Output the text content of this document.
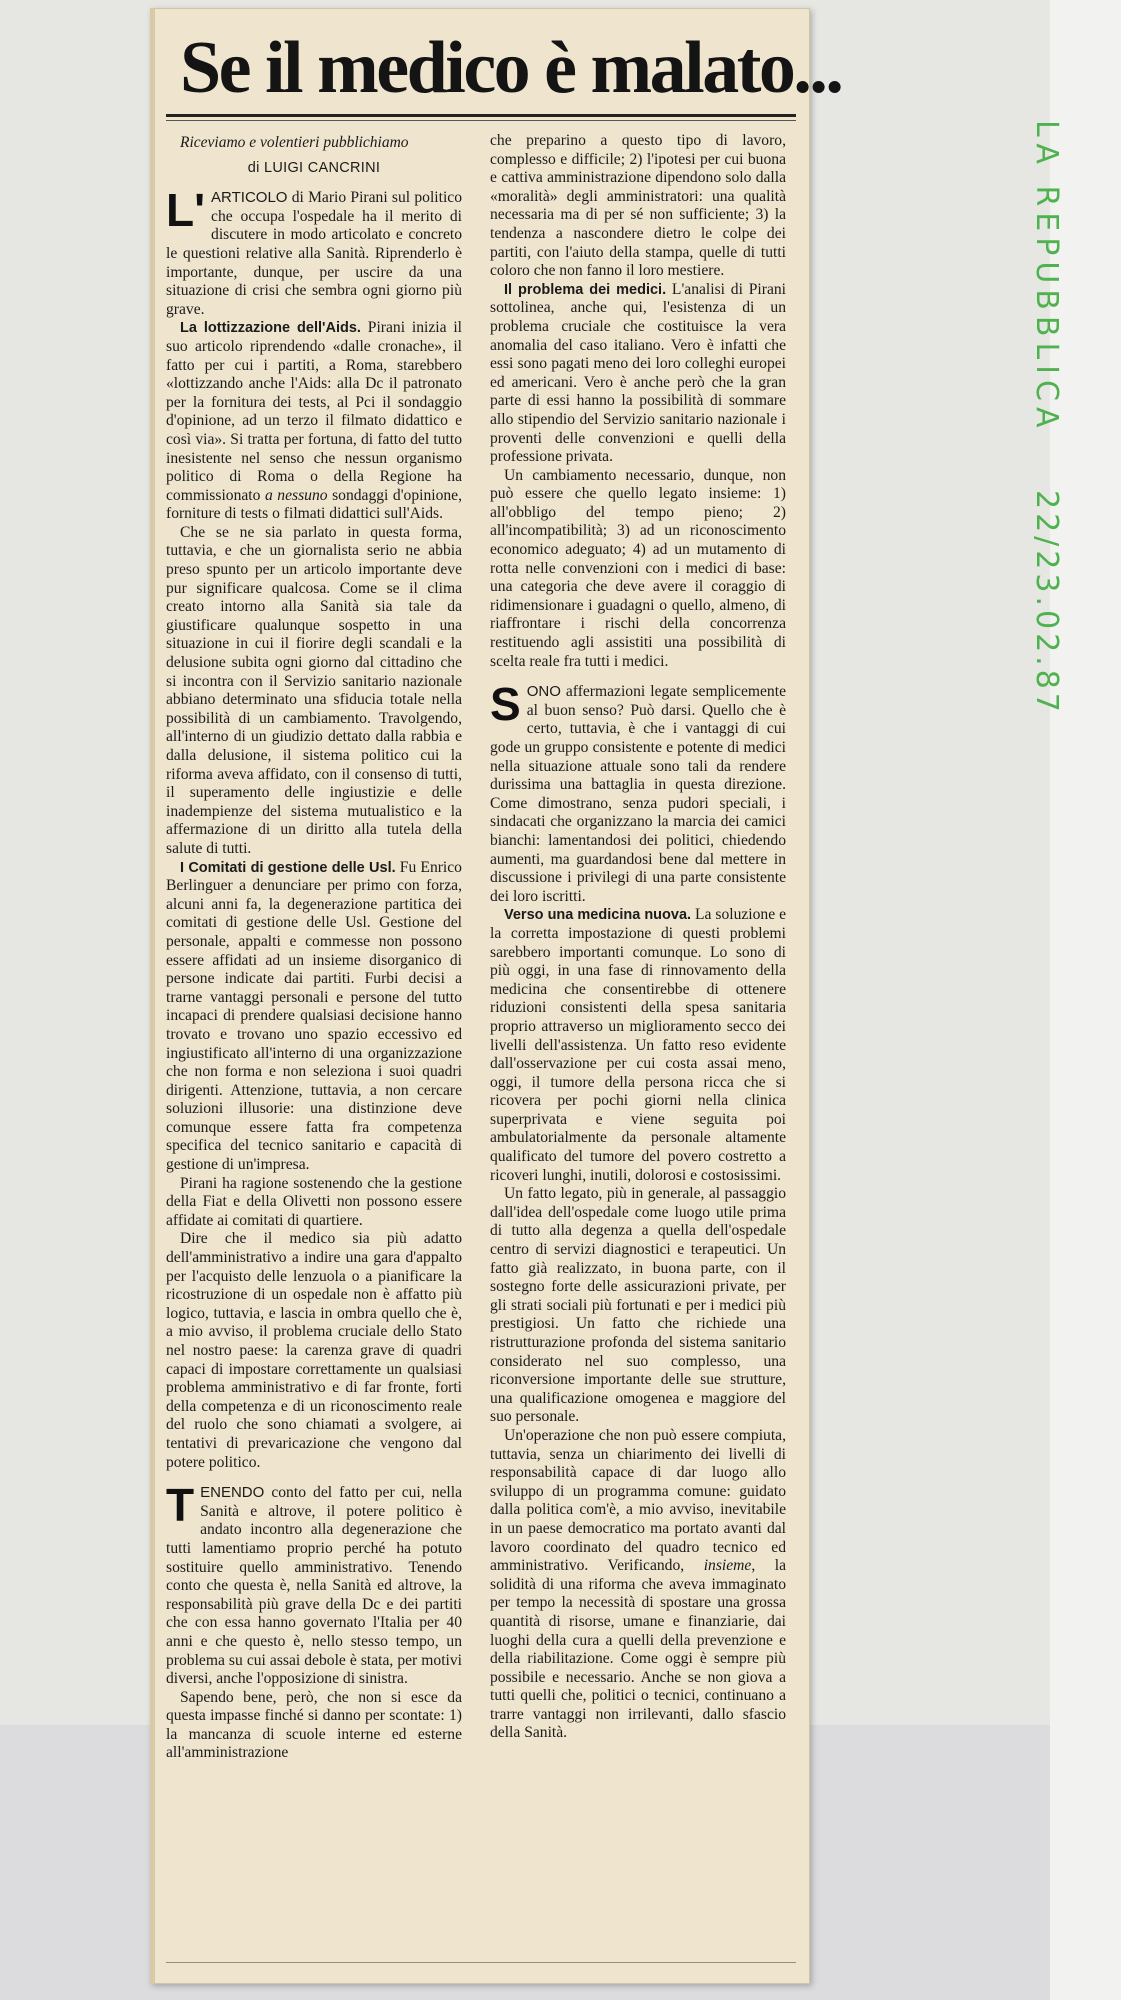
Se il medico è malato...

Riceviamo e volentieri pubblichiamo

di LUIGI CANCRINI

L' ARTICOLO di Mario Pirani sul politico che occupa l'ospedale ha il merito di discutere in modo articolato e concreto le questioni relative alla Sanità. Riprenderlo è importante, dunque, per uscire da una situazione di crisi che sembra ogni giorno più grave.

La lottizzazione dell'Aids. Pirani inizia il suo articolo riprendendo «dalle cronache», il fatto per cui i partiti, a Roma, starebbero «lottizzando anche l'Aids: alla Dc il patronato per la fornitura dei tests, al Pci il sondaggio d'opinione, ad un terzo il filmato didattico e così via». Si tratta per fortuna, di fatto del tutto inesistente nel senso che nessun organismo politico di Roma o della Regione ha commissionato a nessuno sondaggi d'opinione, forniture di tests o filmati didattici sull'Aids.

Che se ne sia parlato in questa forma, tuttavia, e che un giornalista serio ne abbia preso spunto per un articolo importante deve pur significare qualcosa. Come se il clima creato intorno alla Sanità sia tale da giustificare qualunque sospetto in una situazione in cui il fiorire degli scandali e la delusione subita ogni giorno dal cittadino che si incontra con il Servizio sanitario nazionale abbiano determinato una sfiducia totale nella possibilità di un cambiamento. Travolgendo, all'interno di un giudizio dettato dalla rabbia e dalla delusione, il sistema politico cui la riforma aveva affidato, con il consenso di tutti, il superamento delle ingiustizie e delle inadempienze del sistema mutualistico e la affermazione di un diritto alla tutela della salute di tutti.

I Comitati di gestione delle Usl. Fu Enrico Berlinguer a denunciare per primo con forza, alcuni anni fa, la degenerazione partitica dei comitati di gestione delle Usl. Gestione del personale, appalti e commesse non possono essere affidati ad un insieme disorganico di persone indicate dai partiti. Furbi decisi a trarne vantaggi personali e persone del tutto incapaci di prendere qualsiasi decisione hanno trovato e trovano uno spazio eccessivo ed ingiustificato all'interno di una organizzazione che non forma e non seleziona i suoi quadri dirigenti. Attenzione, tuttavia, a non cercare soluzioni illusorie: una distinzione deve comunque essere fatta fra competenza specifica del tecnico sanitario e capacità di gestione di un'impresa.

Pirani ha ragione sostenendo che la gestione della Fiat e della Olivetti non possono essere affidate ai comitati di quartiere.

Dire che il medico sia più adatto dell'amministrativo a indire una gara d'appalto per l'acquisto delle lenzuola o a pianificare la ricostruzione di un ospedale non è affatto più logico, tuttavia, e lascia in ombra quello che è, a mio avviso, il problema cruciale dello Stato nel nostro paese: la carenza grave di quadri capaci di impostare correttamente un qualsiasi problema amministrativo e di far fronte, forti della competenza e di un riconoscimento reale del ruolo che sono chiamati a svolgere, ai tentativi di prevaricazione che vengono dal potere politico.

TENENDO conto del fatto per cui, nella Sanità e altrove, il potere politico è andato incontro alla degenerazione che tutti lamentiamo proprio perché ha potuto sostituire quello amministrativo. Tenendo conto che questa è, nella Sanità ed altrove, la responsabilità più grave della Dc e dei partiti che con essa hanno governato l'Italia per 40 anni e che questo è, nello stesso tempo, un problema su cui assai debole è stata, per motivi diversi, anche l'opposizione di sinistra.

Sapendo bene, però, che non si esce da questa impasse finché si danno per scontate: 1) la mancanza di scuole interne ed esterne all'amministrazione

che preparino a questo tipo di lavoro, complesso e difficile; 2) l'ipotesi per cui buona e cattiva amministrazione dipendono solo dalla «moralità» degli amministratori: una qualità necessaria ma di per sé non sufficiente; 3) la tendenza a nascondere dietro le colpe dei partiti, con l'aiuto della stampa, quelle di tutti coloro che non fanno il loro mestiere.

Il problema dei medici. L'analisi di Pirani sottolinea, anche qui, l'esistenza di un problema cruciale che costituisce la vera anomalia del caso italiano. Vero è infatti che essi sono pagati meno dei loro colleghi europei ed americani. Vero è anche però che la gran parte di essi hanno la possibilità di sommare allo stipendio del Servizio sanitario nazionale i proventi delle convenzioni e quelli della professione privata.

Un cambiamento necessario, dunque, non può essere che quello legato insieme: 1) all'obbligo del tempo pieno; 2) all'incompatibilità; 3) ad un riconoscimento economico adeguato; 4) ad un mutamento di rotta nelle convenzioni con i medici di base: una categoria che deve avere il coraggio di ridimensionare i guadagni o quello, almeno, di riaffrontare i rischi della concorrenza restituendo agli assistiti una possibilità di scelta reale fra tutti i medici.

SONO affermazioni legate semplicemente al buon senso? Può darsi. Quello che è certo, tuttavia, è che i vantaggi di cui gode un gruppo consistente e potente di medici nella situazione attuale sono tali da rendere durissima una battaglia in questa direzione. Come dimostrano, senza pudori speciali, i sindacati che organizzano la marcia dei camici bianchi: lamentandosi dei politici, chiedendo aumenti, ma guardandosi bene dal mettere in discussione i privilegi di una parte consistente dei loro iscritti.

Verso una medicina nuova. La soluzione e la corretta impostazione di questi problemi sarebbero importanti comunque. Lo sono di più oggi, in una fase di rinnovamento della medicina che consentirebbe di ottenere riduzioni consistenti della spesa sanitaria proprio attraverso un miglioramento secco dei livelli dell'assistenza. Un fatto reso evidente dall'osservazione per cui costa assai meno, oggi, il tumore della persona ricca che si ricovera per pochi giorni nella clinica superprivata e viene seguita poi ambulatorialmente da personale altamente qualificato del tumore del povero costretto a ricoveri lunghi, inutili, dolorosi e costosissimi.

Un fatto legato, più in generale, al passaggio dall'idea dell'ospedale come luogo utile prima di tutto alla degenza a quella dell'ospedale centro di servizi diagnostici e terapeutici. Un fatto già realizzato, in buona parte, con il sostegno forte delle assicurazioni private, per gli strati sociali più fortunati e per i medici più prestigiosi. Un fatto che richiede una ristrutturazione profonda del sistema sanitario considerato nel suo complesso, una riconversione importante delle sue strutture, una qualificazione omogenea e maggiore del suo personale.

Un'operazione che non può essere compiuta, tuttavia, senza un chiarimento dei livelli di responsabilità capace di dar luogo allo sviluppo di un programma comune: guidato dalla politica com'è, a mio avviso, inevitabile in un paese democratico ma portato avanti dal lavoro coordinato del quadro tecnico ed amministrativo. Verificando, insieme, la solidità di una riforma che aveva immaginato per tempo la necessità di spostare una grossa quantità di risorse, umane e finanziarie, dai luoghi della cura a quelli della prevenzione e della riabilitazione. Come oggi è sempre più possibile e necessario. Anche se non giova a tutti quelli che, politici o tecnici, continuano a trarre vantaggi non irrilevanti, dallo sfascio della Sanità.

LA REPUBBLICA
22/23.02.87
